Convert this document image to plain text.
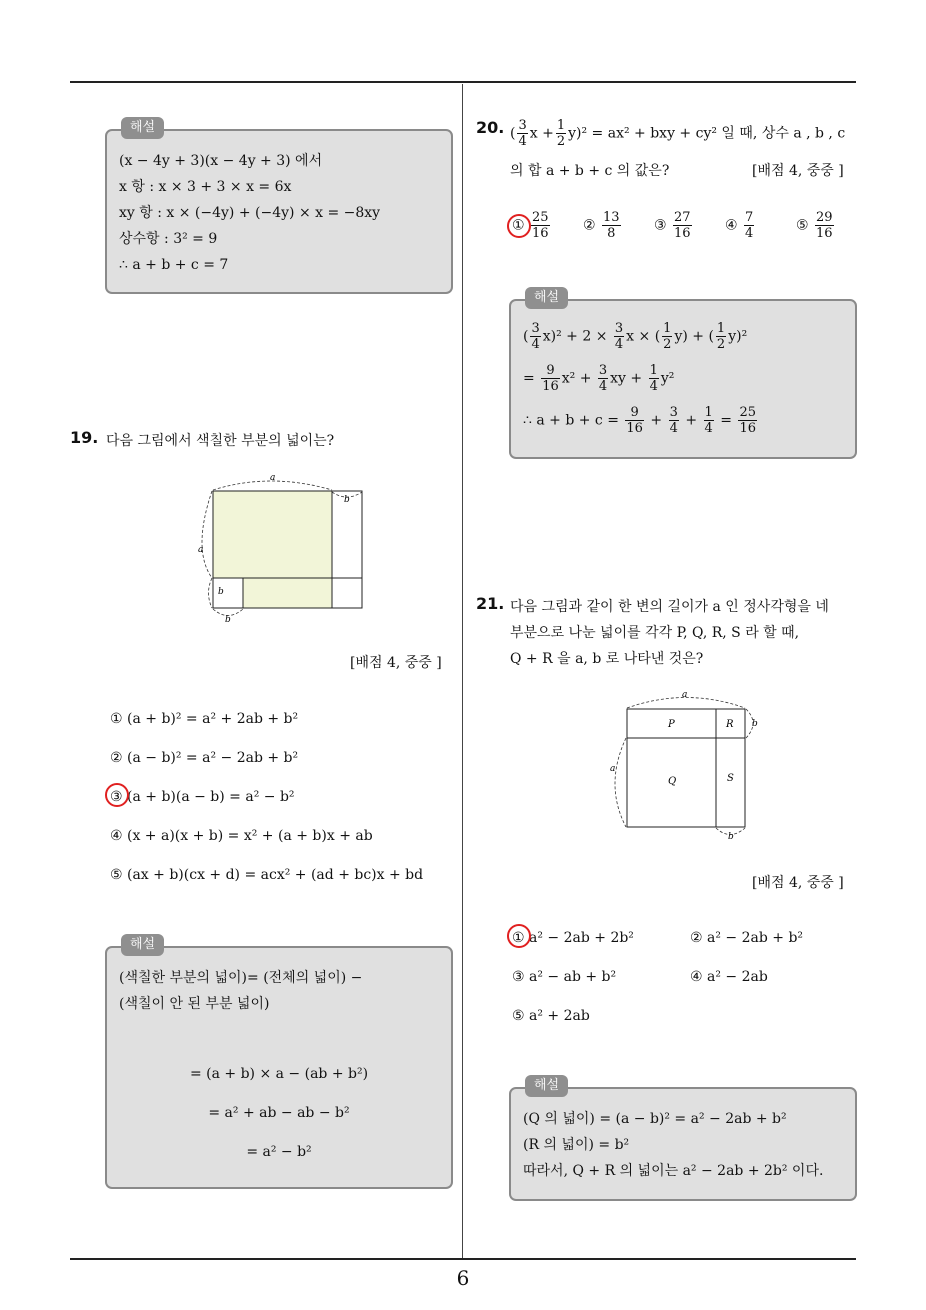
6
해설
(x − 4y + 3)(x − 4y + 3) 에서
x 항 : x × 3 + 3 × x = 6x
xy 항 : x × (−4y) + (−4y) × x = −8xy
상수항 : 3² = 9
∴ a + b + c = 7
19. 다음 그림에서 색칠한 부분의 넓이는?
a
b
a
b
b
[배점 4, 중중 ]
① (a + b)² = a² + 2ab + b²
② (a − b)² = a² − 2ab + b²
③ (a + b)(a − b) = a² − b²
④ (x + a)(x + b) = x² + (a + b)x + ab
⑤ (ax + b)(cx + d) = acx² + (ad + bc)x + bd
해설
(색칠한 부분의 넓이)= (전체의 넓이) −
(색칠이 안 된 부분 넓이)
= (a + b) × a − (ab + b²)
= a² + ab − ab − b²
= a² − b²
20. ( $\frac{3}{4}$ $x + \frac{1}{2} y)^2 = ax^2$ + bxy + cy² 일 때, 상수 a , b , c
의 합 a + b + c 의 값은?	[배점 4, 중중 ]
① $\frac{25}{16}$ ② $\frac{13}{8}$ ③ $\frac{27}{16}$ ④ $\frac{7}{4}$	⑤ $\frac{29}{16}$
해설
( $\frac{3}{4} x)^2 + 2 \times \frac{3}{4}$ x × ( $\frac{1}{2} y$) + ( $\frac{1}{2} y)^2$
= $\frac{9}{16} x^2 + \frac{3}{4}$ xy + $\frac{1}{4} y^2$
∴ $a + b + c = \frac{9}{16} + \frac{3}{4} + \frac{1}{4} = \frac{25}{16}$
21. 다음 그림과 같이 한 변의 길이가 a 인 정사각형을 네
부분으로 나눈 넓이를 각각 P, Q, R, S 라 할 때,
Q + R 을 a, b 로 나타낸 것은?
a
b
a
b
P	R
Q	S
[배점 4, 중중 ]
① a² − 2ab + 2b²	② a² − 2ab + b²
③ a² − ab + b²	④ a² − 2ab
⑤ a² + 2ab
해설
(Q 의 넓이) = (a − b)² = a² − 2ab + b²
(R 의 넓이) = b²
따라서, Q + R 의 넓이는 a² − 2ab + 2b² 이다.
